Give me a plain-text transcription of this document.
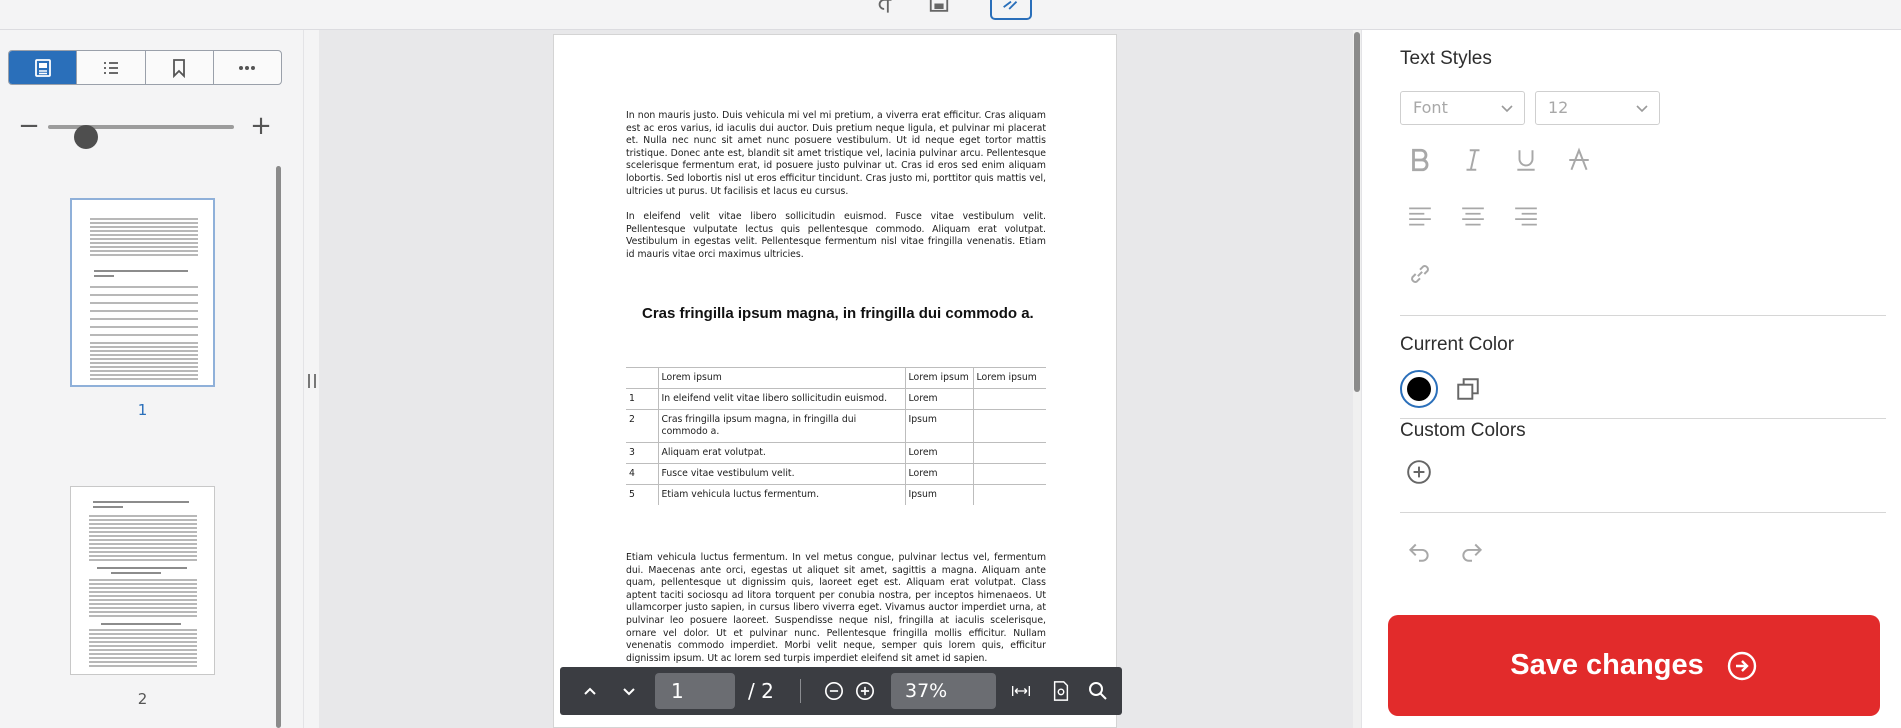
−	+
1
2
In non mauris justo. Duis vehicula mi vel mi pretium, a viverra erat efficitur. Cras aliquam est ac eros varius, id iaculis dui auctor. Duis pretium neque ligula, et pulvinar mi placerat et. Nulla nec nunc sit amet nunc posuere vestibulum. Ut id neque eget tortor mattis tristique. Donec ante est, blandit sit amet tristique vel, lacinia pulvinar arcu. Pellentesque scelerisque fermentum erat, id posuere justo pulvinar ut. Cras id eros sed enim aliquam lobortis. Sed lobortis nisl ut eros efficitur tincidunt. Cras justo mi, porttitor quis mattis vel, ultricies ut purus. Ut facilisis et lacus eu cursus.
In eleifend velit vitae libero sollicitudin euismod. Fusce vitae vestibulum velit. Pellentesque vulputate lectus quis pellentesque commodo. Aliquam erat volutpat. Vestibulum in egestas velit. Pellentesque fermentum nisl vitae fringilla venenatis. Etiam id mauris vitae orci maximus ultricies.
Cras fringilla ipsum magna, in fringilla dui commodo a.
	Lorem ipsum	Lorem ipsum	Lorem ipsum
1	In eleifend velit vitae libero sollicitudin euismod.	Lorem	
2	Cras fringilla ipsum magna, in fringilla dui commodo a.	Ipsum	
3	Aliquam erat volutpat.	Lorem	
4	Fusce vitae vestibulum velit.	Lorem	
5	Etiam vehicula luctus fermentum.	Ipsum	
Etiam vehicula luctus fermentum. In vel metus congue, pulvinar lectus vel, fermentum dui. Maecenas ante orci, egestas ut aliquet sit amet, sagittis a magna. Aliquam ante quam, pellentesque ut dignissim quis, laoreet eget est. Aliquam erat volutpat. Class aptent taciti sociosqu ad litora torquent per conubia nostra, per inceptos himenaeos. Ut ullamcorper justo sapien, in cursus libero viverra eget. Vivamus auctor imperdiet urna, at pulvinar leo posuere laoreet. Suspendisse neque nisl, fringilla at iaculis scelerisque, ornare vel dolor. Ut et pulvinar nunc. Pellentesque fringilla mollis efficitur. Nullam venenatis commodo imperdiet. Morbi velit neque, semper quis lorem quis, efficitur dignissim ipsum. Ut ac lorem sed turpis imperdiet eleifend sit amet id sapien.
1	/ 2	37%
Text Styles
Font	12
Current Color
Custom Colors
Save changes
